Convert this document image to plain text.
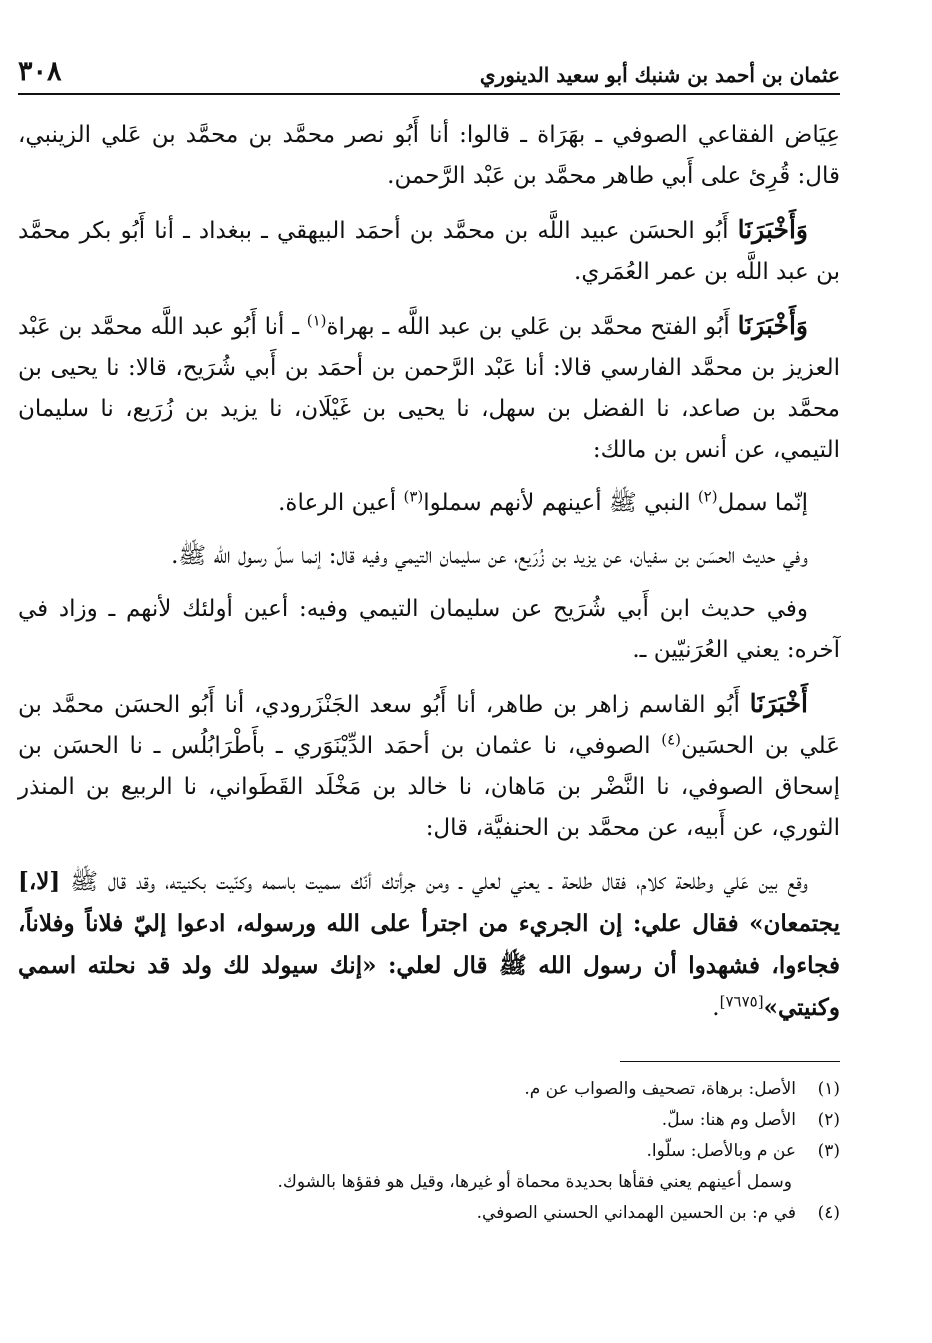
عثمان بن أحمد بن شنبك أبو سعيد الدينوري
٣٠٨

عِيَاض الفقاعي الصوفي ـ بهَرَاة ـ قالوا: أنا أَبُو نصر محمَّد بن محمَّد بن عَلي الزينبي، قال: قُرِئ على أَبي طاهر محمَّد بن عَبْد الرَّحمن.

وَأَخْبَرَنَا أَبُو الحسَن عبيد اللَّه بن محمَّد بن أحمَد البيهقي ـ ببغداد ـ أنا أَبُو بكر محمَّد بن عبد اللَّه بن عمر العُمَري.

وَأَخْبَرَنَا أَبُو الفتح محمَّد بن عَلي بن عبد اللَّه ـ بهراة$^{(١)}$ ـ أنا أَبُو عبد اللَّه محمَّد بن عَبْد العزيز بن محمَّد الفارسي قالا: أنا عَبْد الرَّحمن بن أحمَد بن أَبي شُرَيح، قالا: نا يحيى بن محمَّد بن صاعد، نا الفضل بن سهل، نا يحيى بن غَيْلَان، نا يزيد بن زُرَيع، نا سليمان التيمي، عن أنس بن مالك:

إنّما سمل$^{(٢)}$ النبي ﷺ أعينهم لأنهم سملوا$^{(٣)}$ أعين الرعاة.

وفي حديث الحسَن بن سفيان، عن يزيد بن زُرَيع، عن سليمان التيمي وفيه قال: إنما سلّ رسول الله ﷺ.

وفي حديث ابن أَبي شُرَيح عن سليمان التيمي وفيه: أعين أولئك لأنهم ـ وزاد في آخره: يعني العُرَنيّين ـ.

أَخْبَرَنَا أَبُو القاسم زاهر بن طاهر، أنا أَبُو سعد الجَنْزَرودي، أنا أَبُو الحسَن محمَّد بن عَلي بن الحسَين$^{(٤)}$ الصوفي، نا عثمان بن أحمَد الدِّيْنَوَري ـ بأَطْرَابُلُس ـ نا الحسَن بن إسحاق الصوفي، نا النَّضْر بن مَاهان، نا خالد بن مَخْلَد القَطَواني، نا الربيع بن المنذر الثوري، عن أَبيه، عن محمَّد بن الحنفيَّة، قال:

وقع بين عَلي وطلحة كلام، فقال طلحة ـ يعني لعلي ـ ومن جرأتك أنّك سميت باسمه وكنّيت بكنيته، وقد قال ﷺ [لا،] يجتمعان» فقال علي: إن الجريء من اجترأ على الله ورسوله، ادعوا إليّ فلاناً وفلاناً، فجاءوا، فشهدوا أن رسول الله ﷺ قال لعلي: «إنك سيولد لك ولد قد نحلته اسمي وكنيتي»[٧٦٧٥].

(١)
الأصل: برهاة، تصحيف والصواب عن م.
(٢)
الأصل وم هنا: سلّ.
(٣)
عن م وبالأصل: سلّوا.
وسمل أعينهم يعني فقأها بحديدة محماة أو غيرها، وقيل هو فقؤها بالشوك.
(٤)
في م: بن الحسين الهمداني الحسني الصوفي.
